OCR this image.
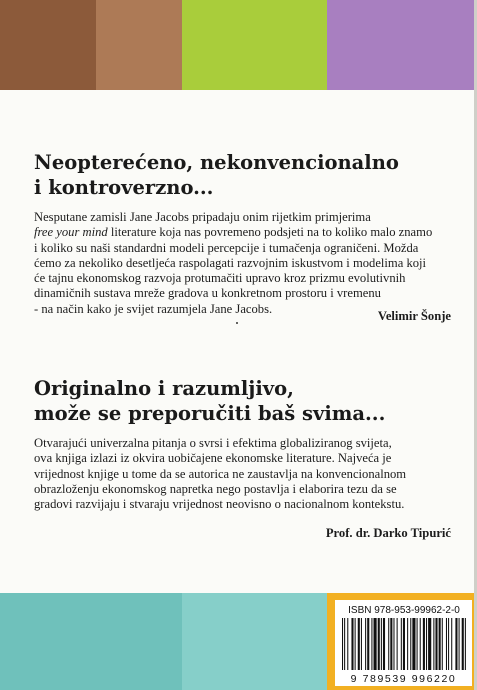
Neopterećeno, nekonvencionalno
i kontroverzno...
Nesputane zamisli Jane Jacobs pripadaju onim rijetkim primjerima
free your mind literature koja nas povremeno podsjeti na to koliko malo znamo
i koliko su naši standardni modeli percepcije i tumačenja ograničeni. Možda
ćemo za nekoliko desetljeća raspolagati razvojnim iskustvom i modelima koji
će tajnu ekonomskog razvoja protumačiti upravo kroz prizmu evolutivnih
dinamičnih sustava mreže gradova u konkretnom prostoru i vremenu
- na način kako je svijet razumjela Jane Jacobs.
Velimir Šonje
Originalno i razumljivo,
može se preporučiti baš svima...
Otvarajući univerzalna pitanja o svrsi i efektima globaliziranog svijeta,
ova knjiga izlazi iz okvira uobičajene ekonomske literature. Najveća je
vrijednost knjige u tome da se autorica ne zaustavlja na konvencionalnom
obrazloženju ekonomskog napretka nego postavlja i elaborira tezu da se
gradovi razvijaju i stvaraju vrijednost neovisno o nacionalnom kontekstu.
Prof. dr. Darko Tipurić
ISBN 978-953-99962-2-0
9 789539 996220
